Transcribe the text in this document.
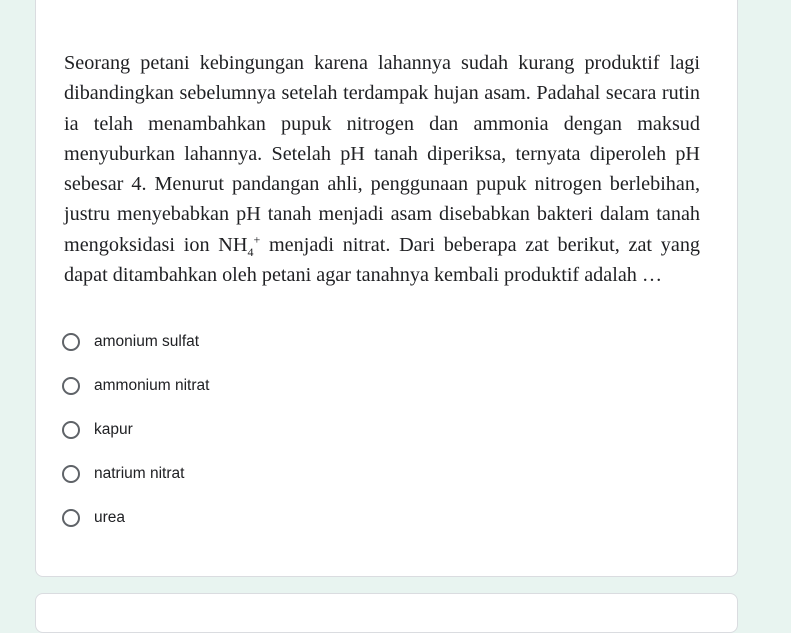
Seorang petani kebingungan karena lahannya sudah kurang produktif lagi dibandingkan sebelumnya setelah terdampak hujan asam. Padahal secara rutin ia telah menambahkan pupuk nitrogen dan ammonia dengan maksud menyuburkan lahannya. Setelah pH tanah diperiksa, ternyata diperoleh pH sebesar 4. Menurut pandangan ahli, penggunaan pupuk nitrogen berlebihan, justru menyebabkan pH tanah menjadi asam disebabkan bakteri dalam tanah mengoksidasi ion $NH_4^+$ menjadi nitrat. Dari beberapa zat berikut, zat yang dapat ditambahkan oleh petani agar tanahnya kembali produktif adalah …

amonium sulfat
ammonium nitrat
kapur
natrium nitrat
urea
